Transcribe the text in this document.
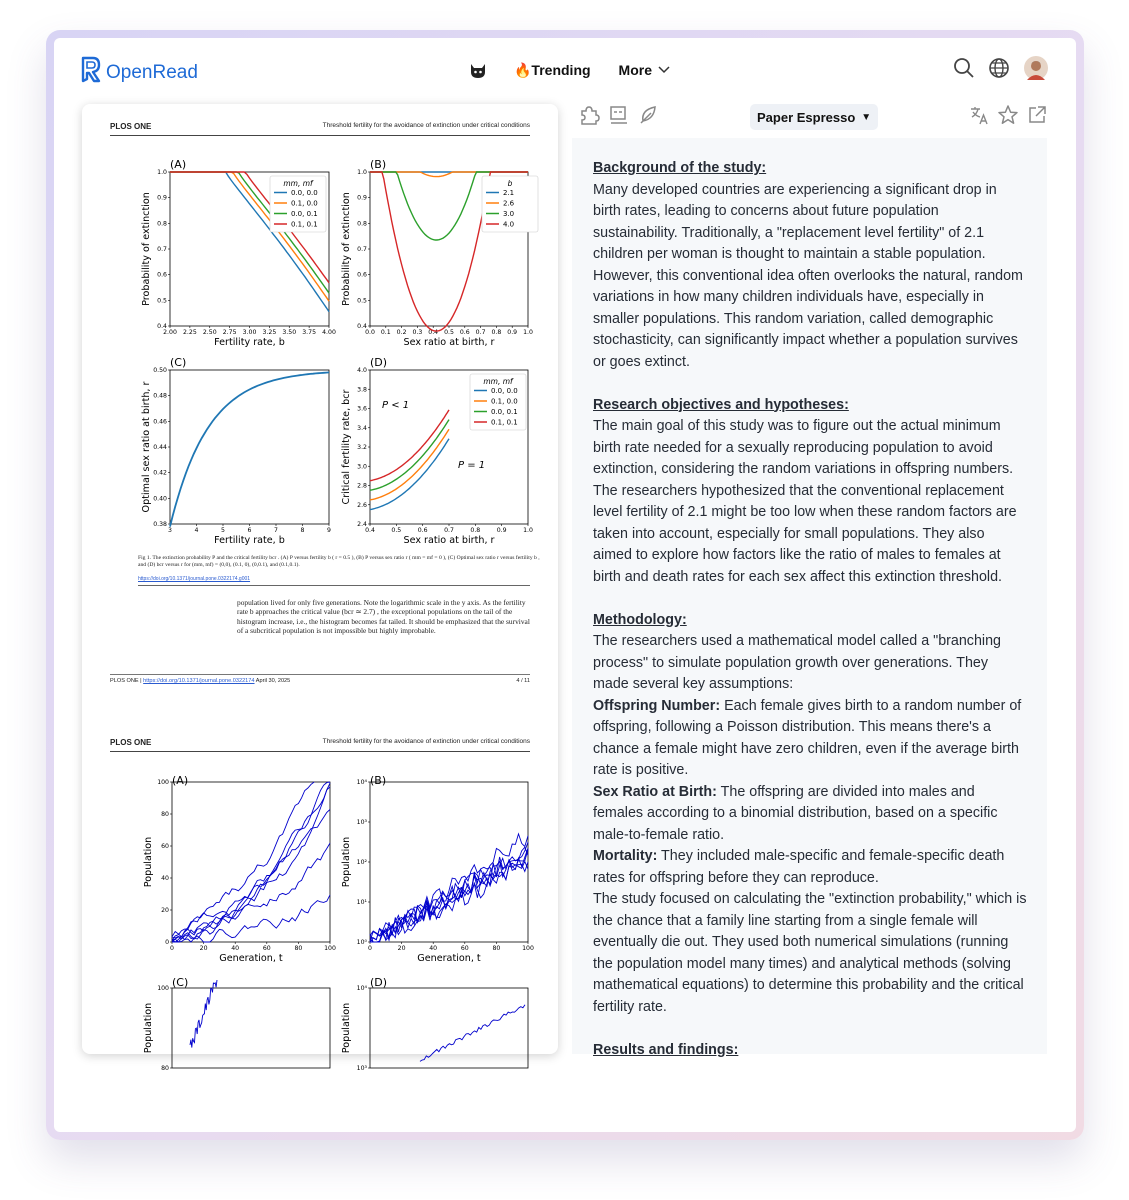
OpenRead	🔥Trending More
PLOS ONE	Threshold fertility for the avoidance of extinction under critical conditions
2.00 2.25 2.50 2.75 3.00 3.25 3.50 3.75 4.00
1.0
0.9
0.8
0.7
0.6
0.5
0.4
Fertility rate, b
Probability of extinction
(A)
mm, mf
0.0, 0.0
0.1, 0.0
0.0, 0.1
0.1, 0.1
0.0 0.1 0.2 0.3 0.4 0.5 0.6 0.7 0.8 0.9 1.0
1.0
0.9
0.8
0.7
0.6
0.5
0.4
Sex ratio at birth, r
Probability of extinction
(B)
b
2.1
2.6
3.0
4.0
3	4	5	6	7	8	9
0.50
0.48
0.46
0.44
0.42
0.40
0.38
Fertility rate, b
Optimal sex ratio at birth, r
(C)
0.4	0.5	0.6	0.7	0.8	0.9	1.0
4.0
3.8
3.6
3.4
3.2
3.0
2.8
2.6
2.4
Sex ratio at birth, r
Critical fertility rate, bcr
(D)
mm, mf
0.0, 0.0
0.1, 0.0
0.0, 0.1
0.1, 0.1
P < 1
P = 1
Fig 1. The extinction probability P and the critical fertility bcr . (A) P versus fertility b ( r = 0.5 ), (B) P versus sex ratio r ( mm = mf = 0 ), (C) Optimal sex ratio r versus fertility b , and (D) bcr versus r for (mm, mf) = (0,0), (0.1, 0), (0,0.1), and (0.1,0.1).
https://doi.org/10.1371/journal.pone.0322174.g001
population lived for only five generations. Note the logarithmic scale in the y axis. As the fertility rate b approaches the critical value (bcr ≃ 2.7) , the exceptional populations on the tail of the histogram increase, i.e., the histogram becomes fat tailed. It should be emphasized that the survival of a subcritical population is not impossible but highly improbable.
PLOS ONE | https://doi.org/10.1371/journal.pone.0322174 April 30, 2025	4 / 11
PLOS ONE	Threshold fertility for the avoidance of extinction under critical conditions
0	20	40	60	80	100
100
80
60
40
20
0
Generation, t
Population
(A)
0	20	40	60	80	100
10⁴
10³
10²
10¹
10⁰
Generation, t
Population
(B)
100
80
Population
(C)	10⁴
10³
Population
(D)
Paper Espresso ▼
Background of the study:

Many developed countries are experiencing a significant drop in birth rates, leading to concerns about future population sustainability. Traditionally, a "replacement level fertility" of 2.1 children per woman is thought to maintain a stable population. However, this conventional idea often overlooks the natural, random variations in how many children individuals have, especially in smaller populations. This random variation, called demographic stochasticity, can significantly impact whether a population survives or goes extinct.

Research objectives and hypotheses:

The main goal of this study was to figure out the actual minimum birth rate needed for a sexually reproducing population to avoid extinction, considering the random variations in offspring numbers. The researchers hypothesized that the conventional replacement level fertility of 2.1 might be too low when these random factors are taken into account, especially for small populations. They also aimed to explore how factors like the ratio of males to females at birth and death rates for each sex affect this extinction threshold.

Methodology:

The researchers used a mathematical model called a "branching process" to simulate population growth over generations. They made several key assumptions:

Offspring Number: Each female gives birth to a random number of offspring, following a Poisson distribution. This means there's a chance a female might have zero children, even if the average birth rate is positive.

Sex Ratio at Birth: The offspring are divided into males and females according to a binomial distribution, based on a specific male-to-female ratio.

Mortality: They included male-specific and female-specific death rates for offspring before they can reproduce.

The study focused on calculating the "extinction probability," which is the chance that a family line starting from a single female will eventually die out. They used both numerical simulations (running the population model many times) and analytical methods (solving mathematical equations) to determine this probability and the critical fertility rate.

Results and findings:
